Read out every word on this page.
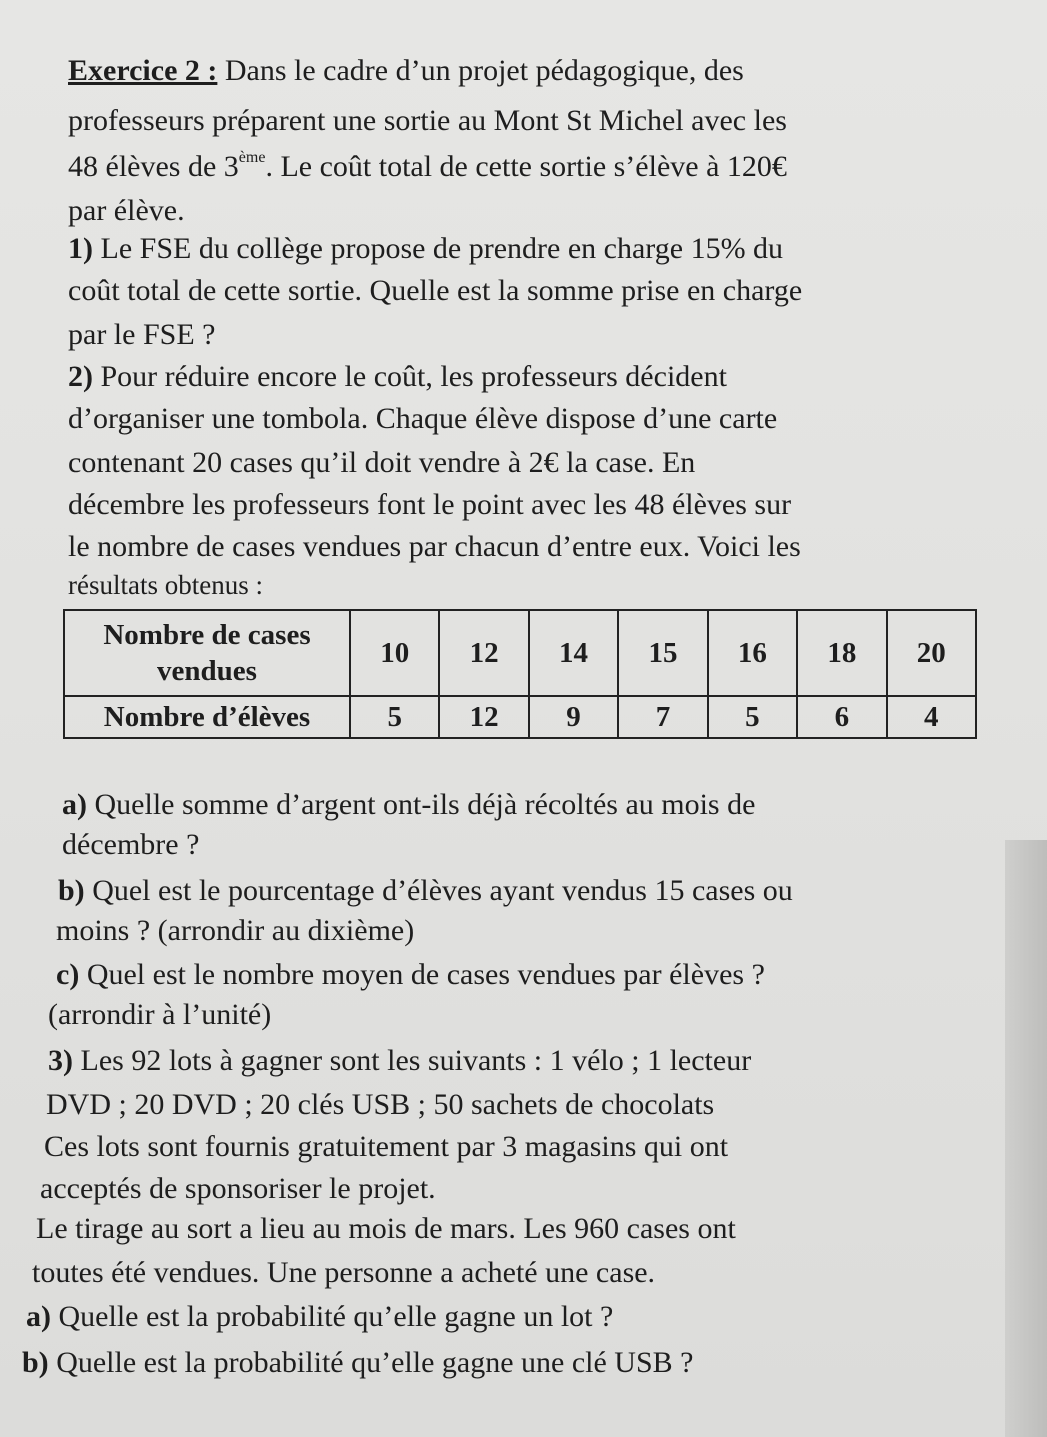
Exercice 2 : Dans le cadre d’un projet pédagogique, des
professeurs préparent une sortie au Mont St Michel avec les
48 élèves de 3ème. Le coût total de cette sortie s’élève à 120€
par élève.
1) Le FSE du collège propose de prendre en charge 15% du
coût total de cette sortie. Quelle est la somme prise en charge
par le FSE ?
2) Pour réduire encore le coût, les professeurs décident
d’organiser une tombola. Chaque élève dispose d’une carte
contenant 20 cases qu’il doit vendre à 2€ la case. En
décembre les professeurs font le point avec les 48 élèves sur
le nombre de cases vendues par chacun d’entre eux. Voici les
résultats obtenus :
Nombre de cases
vendues	10	12	14	15	16	18	20
Nombre d’élèves	5	12	9	7	5	6	4
a) Quelle somme d’argent ont-ils déjà récoltés au mois de
décembre ?
b) Quel est le pourcentage d’élèves ayant vendus 15 cases ou
moins ? (arrondir au dixième)
c) Quel est le nombre moyen de cases vendues par élèves ?
(arrondir à l’unité)
3) Les 92 lots à gagner sont les suivants : 1 vélo ; 1 lecteur
DVD ; 20 DVD ; 20 clés USB ; 50 sachets de chocolats
Ces lots sont fournis gratuitement par 3 magasins qui ont
acceptés de sponsoriser le projet.
Le tirage au sort a lieu au mois de mars. Les 960 cases ont
toutes été vendues. Une personne a acheté une case.
a) Quelle est la probabilité qu’elle gagne un lot ?
b) Quelle est la probabilité qu’elle gagne une clé USB ?
